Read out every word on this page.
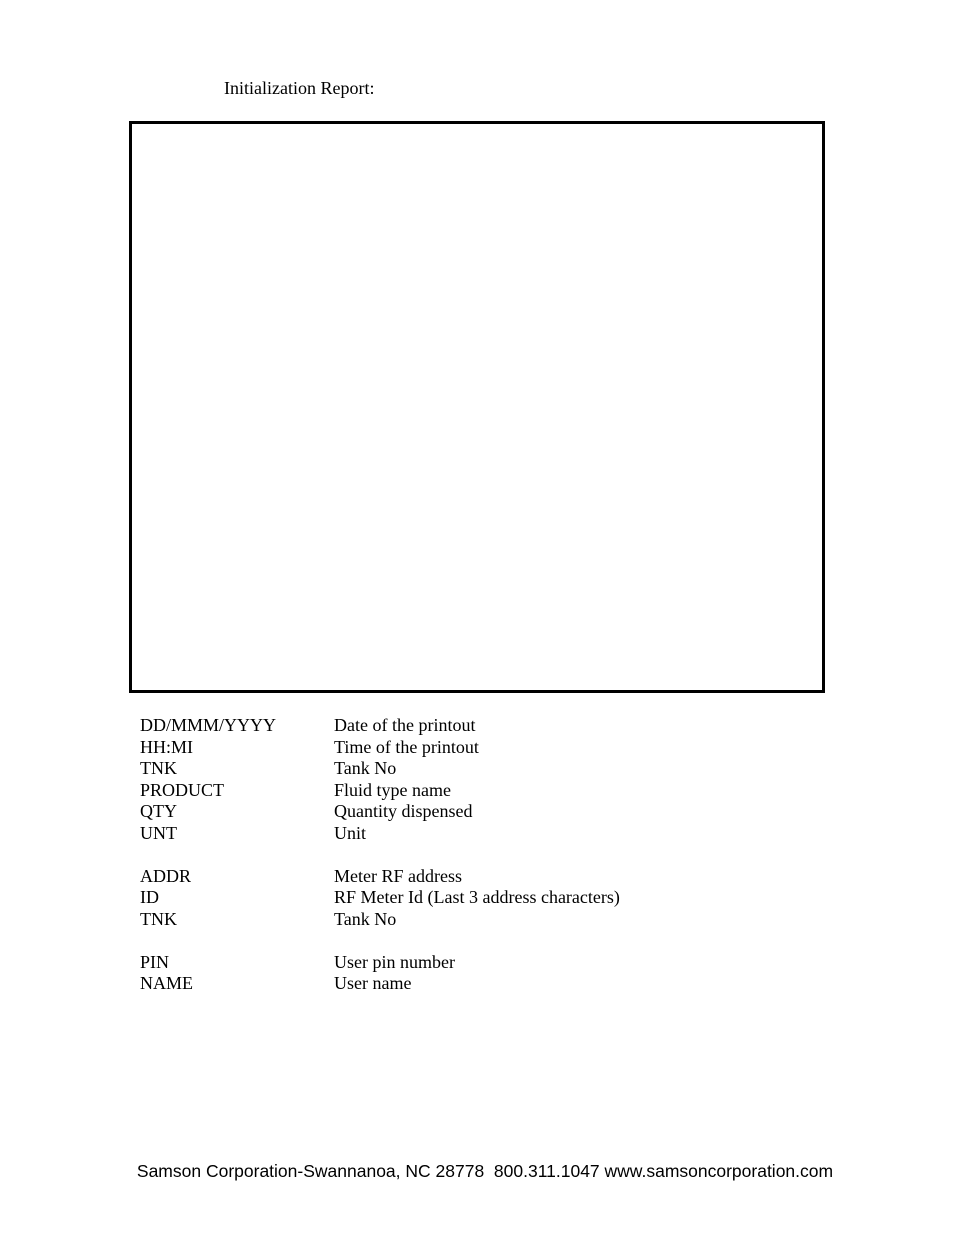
Initialization Report:
DD/MMM/YYYY	Date of the printout
HH:MI	Time of the printout
TNK	Tank No
PRODUCT	Fluid type name
QTY	Quantity dispensed
UNT	Unit
ADDR	Meter RF address
ID	RF Meter Id (Last 3 address characters)
TNK	Tank No
PIN	User pin number
NAME	User name
Samson Corporation-Swannanoa, NC 28778  800.311.1047 www.samsoncorporation.com
